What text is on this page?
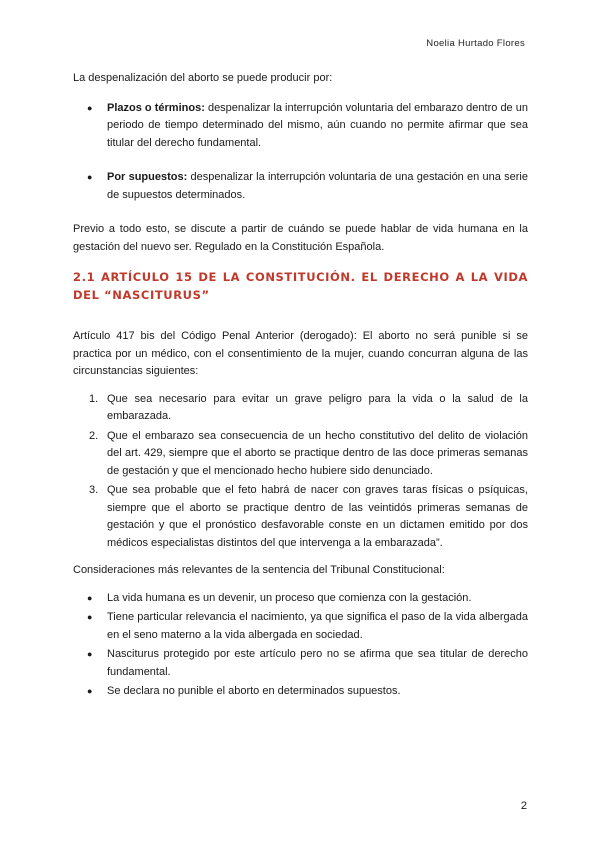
Noelia Hurtado Flores

La despenalización del aborto se puede producir por:

● Plazos o términos: despenalizar la interrupción voluntaria del embarazo dentro de un periodo de tiempo determinado del mismo, aún cuando no permite afirmar que sea titular del derecho fundamental.
● Por supuestos: despenalizar la interrupción voluntaria de una gestación en una serie de supuestos determinados.

Previo a todo esto, se discute a partir de cuándo se puede hablar de vida humana en la gestación del nuevo ser. Regulado en la Constitución Española.

2.1 ARTÍCULO 15 DE LA CONSTITUCIÓN. EL DERECHO A LA VIDA DEL “NASCITURUS”

Artículo 417 bis del Código Penal Anterior (derogado): El aborto no será punible si se practica por un médico, con el consentimiento de la mujer, cuando concurran alguna de las circunstancias siguientes:

1. Que sea necesario para evitar un grave peligro para la vida o la salud de la embarazada.
2. Que el embarazo sea consecuencia de un hecho constitutivo del delito de violación del art. 429, siempre que el aborto se practique dentro de las doce primeras semanas de gestación y que el mencionado hecho hubiere sido denunciado.
3. Que sea probable que el feto habrá de nacer con graves taras físicas o psíquicas, siempre que el aborto se practique dentro de las veintidós primeras semanas de gestación y que el pronóstico desfavorable conste en un dictamen emitido por dos médicos especialistas distintos del que intervenga a la embarazada”.

Consideraciones más relevantes de la sentencia del Tribunal Constitucional:

● La vida humana es un devenir, un proceso que comienza con la gestación.
● Tiene particular relevancia el nacimiento, ya que significa el paso de la vida albergada en el seno materno a la vida albergada en sociedad.
● Nasciturus protegido por este artículo pero no se afirma que sea titular de derecho fundamental.
● Se declara no punible el aborto en determinados supuestos.
2
